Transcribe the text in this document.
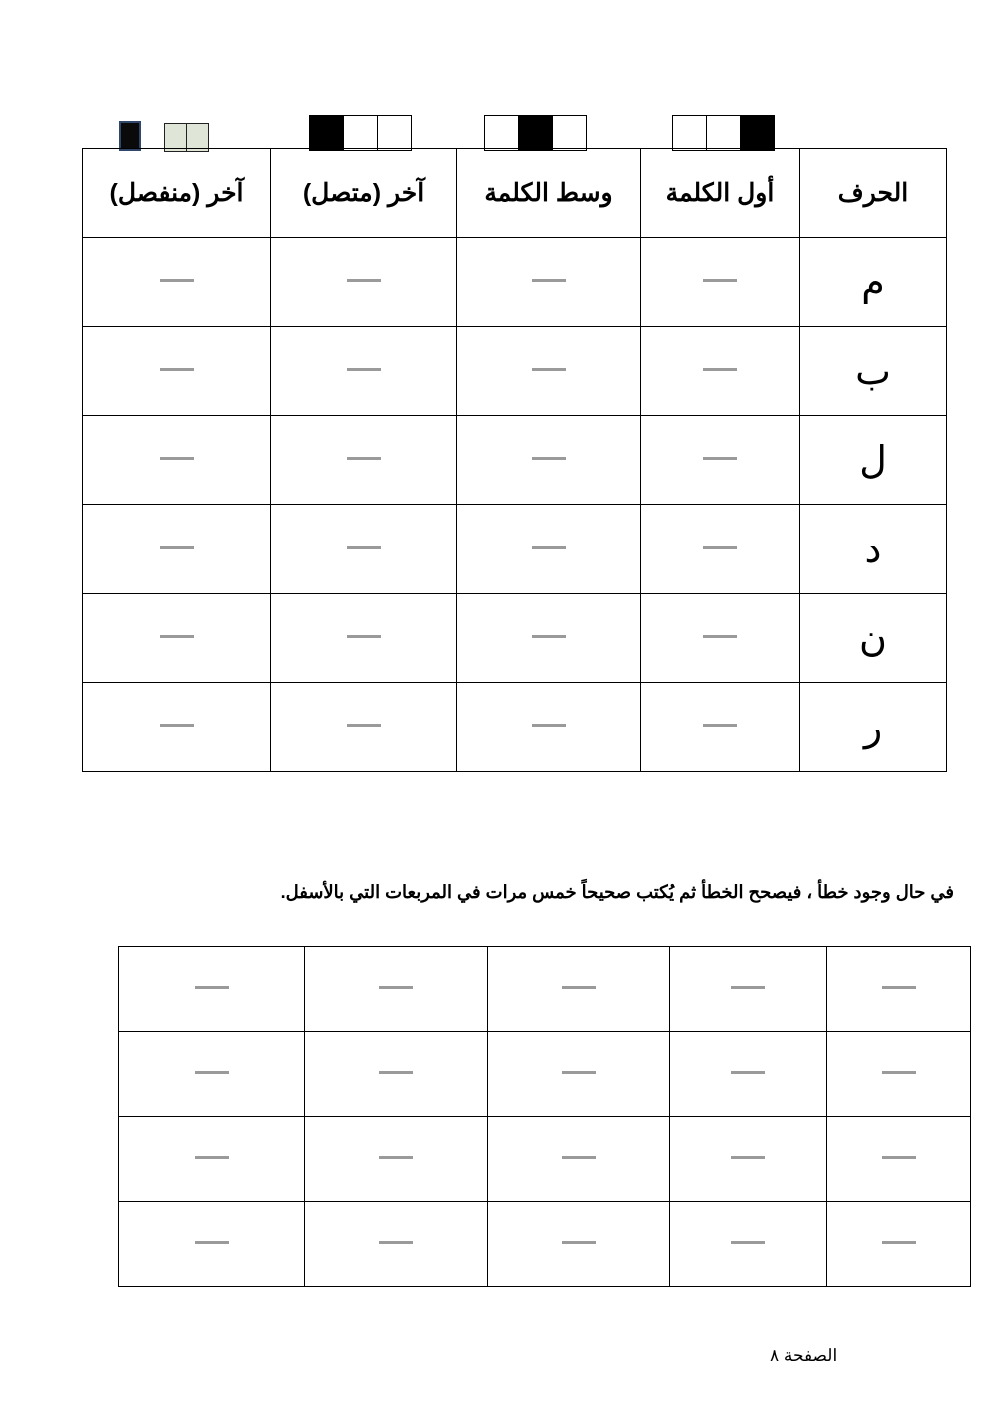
آخر (منفصل)	آخر (متصل)	وسط الكلمة	أول الكلمة	الحرف
				م
				ب
				ل
				د
				ن
				ر
في حال وجود خطأ ، فيصحح الخطأ ثم يُكتب صحيحاً خمس مرات في المربعات التي بالأسفل.

الصفحة ٨
